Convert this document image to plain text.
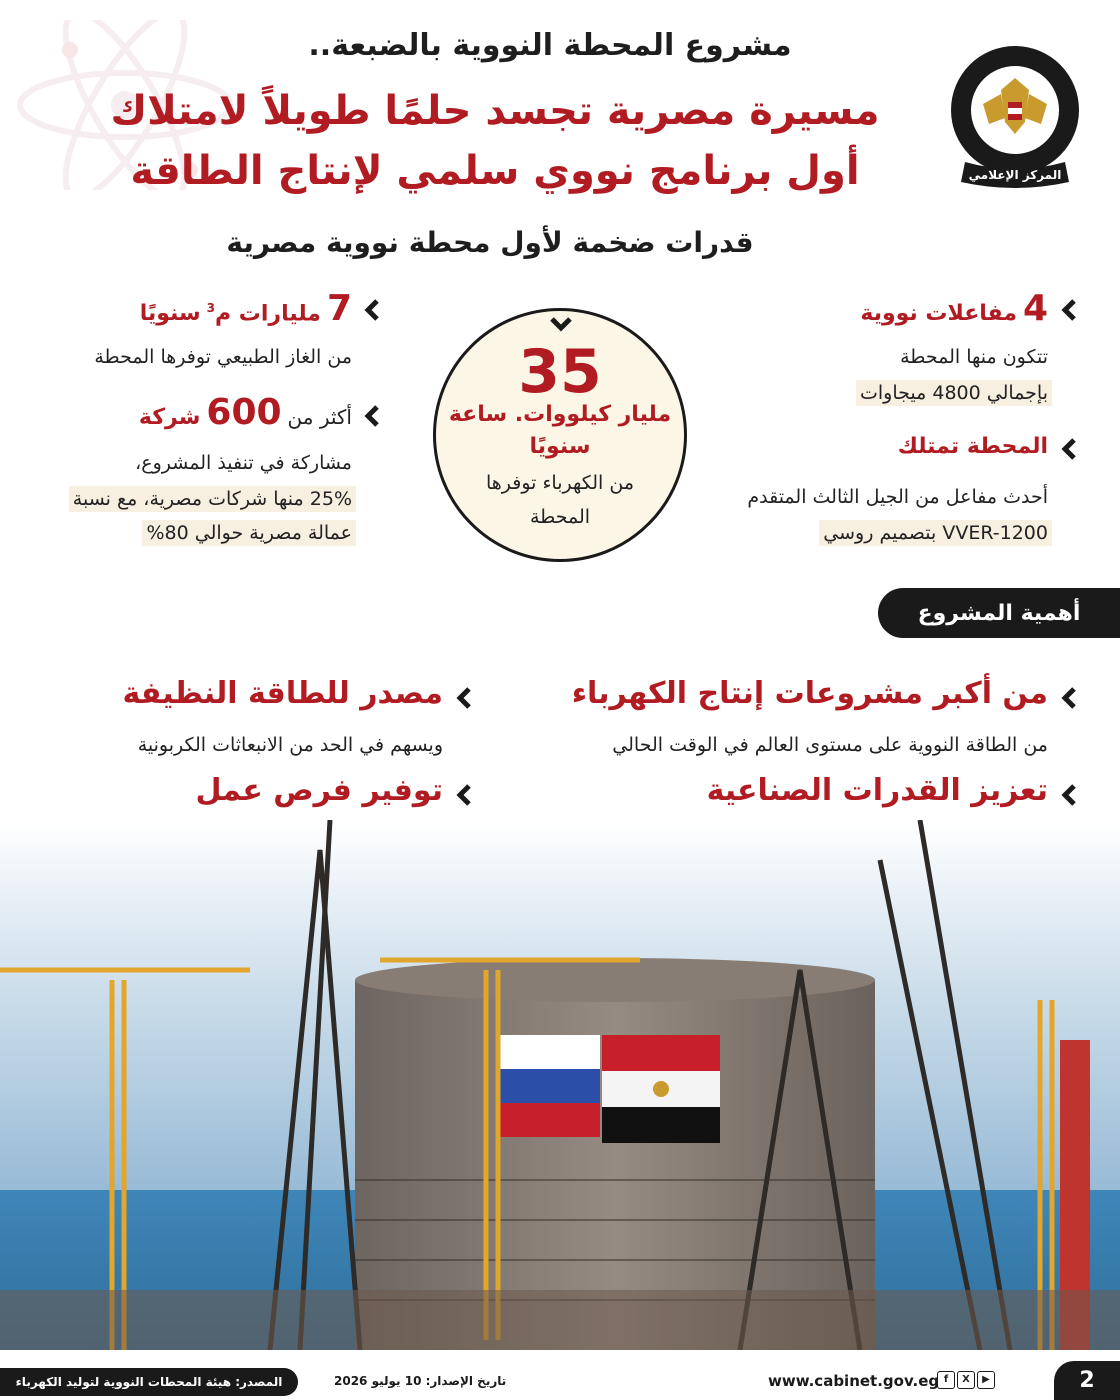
المركز الإعلامي
مشروع المحطة النووية بالضبعة..
مسيرة مصرية تجسد حلمًا طويلاً لامتلاك
أول برنامج نووي سلمي لإنتاج الطاقة
قدرات ضخمة لأول محطة نووية مصرية
4
مفاعلات نووية
تتكون منها المحطة
بإجمالي 4800 ميجاوات
المحطة تمتلك
أحدث مفاعل من الجيل الثالث المتقدم
VVER-1200 بتصميم روسي
7
مليارات م$^3$
سنويًا
من الغاز الطبيعي توفرها المحطة
أكثر من
600
شركة
مشاركة في تنفيذ المشروع،
25% منها شركات مصرية، مع نسبة
عمالة مصرية حوالي 80%
35
مليار كيلووات. ساعة
سنويًا
من الكهرباء توفرها
المحطة
أهمية المشروع
من أكبر مشروعات إنتاج الكهرباء
من الطاقة النووية على مستوى العالم في الوقت الحالي
مصدر للطاقة النظيفة
ويسهم في الحد من الانبعاثات الكربونية
تعزيز القدرات الصناعية
توفير فرص عمل
2
www.cabinet.gov.eg	▶
X
f
تاريخ الإصدار: 10 يوليو 2026
المصدر: هيئة المحطات النووية لتوليد الكهرباء
